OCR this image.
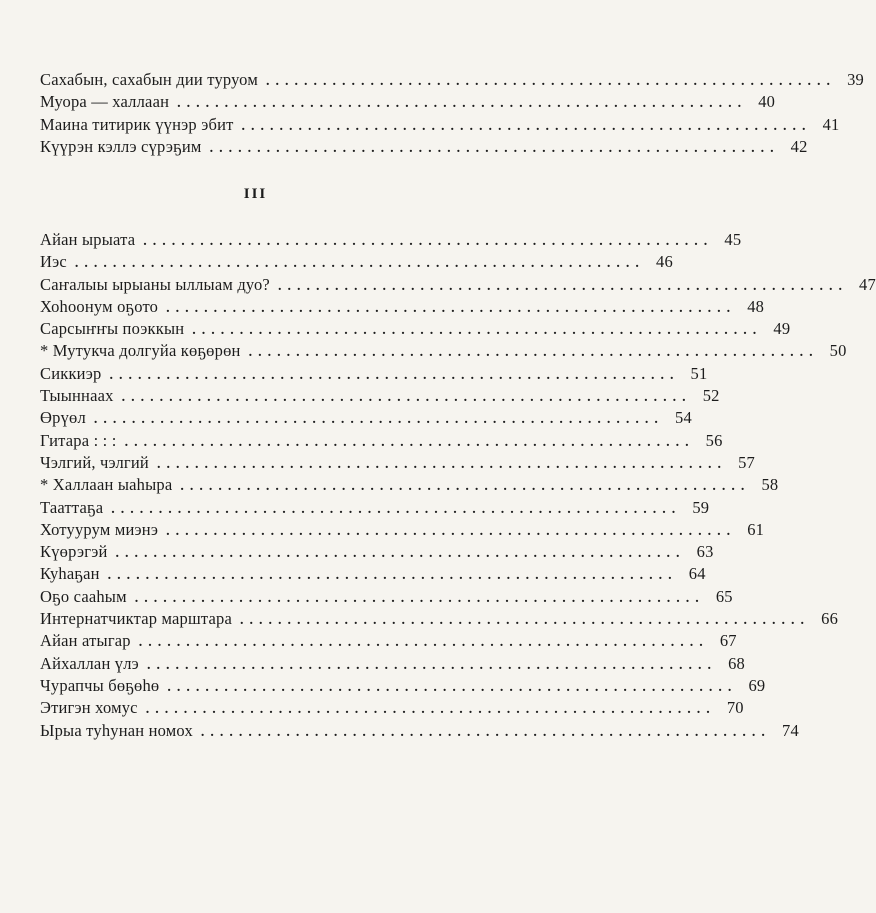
Сахабын, сахабын дии туруом ............................................................ 39
Муора — халлаан ............................................................ 40
Маина титирик үүнэр эбит ............................................................ 41
Күүрэн кэллэ сүрэҕим ............................................................ 42
III
Айан ырыата ............................................................ 45
Иэс ............................................................ 46
Саҥалыы ырыаны ыллыам дуо? ............................................................ 47
Хоһоонум оҕото ............................................................ 48
Сарсыҥҥы поэккын ............................................................ 49
* Мутукча долгуйа көҕөрөн ............................................................ 50
Сиккиэр ............................................................ 51
Тыыннаах ............................................................ 52
Өрүөл ............................................................ 54
Гитара : : : ............................................................ 56
Чэлгий, чэлгий ............................................................ 57
* Халлаан ыаһыра ............................................................ 58
Тааттаҕа ............................................................ 59
Хотуурум миэнэ ............................................................ 61
Күөрэгэй ............................................................ 63
Куһаҕан ............................................................ 64
Оҕо сааһым ............................................................ 65
Интернатчиктар марштара ............................................................ 66
Айан атыгар ............................................................ 67
Айхаллан үлэ ............................................................ 68
Чурапчы бөҕөһө ............................................................ 69
Этигэн хомус ............................................................ 70
Ырыа туһунан номох ............................................................ 74
